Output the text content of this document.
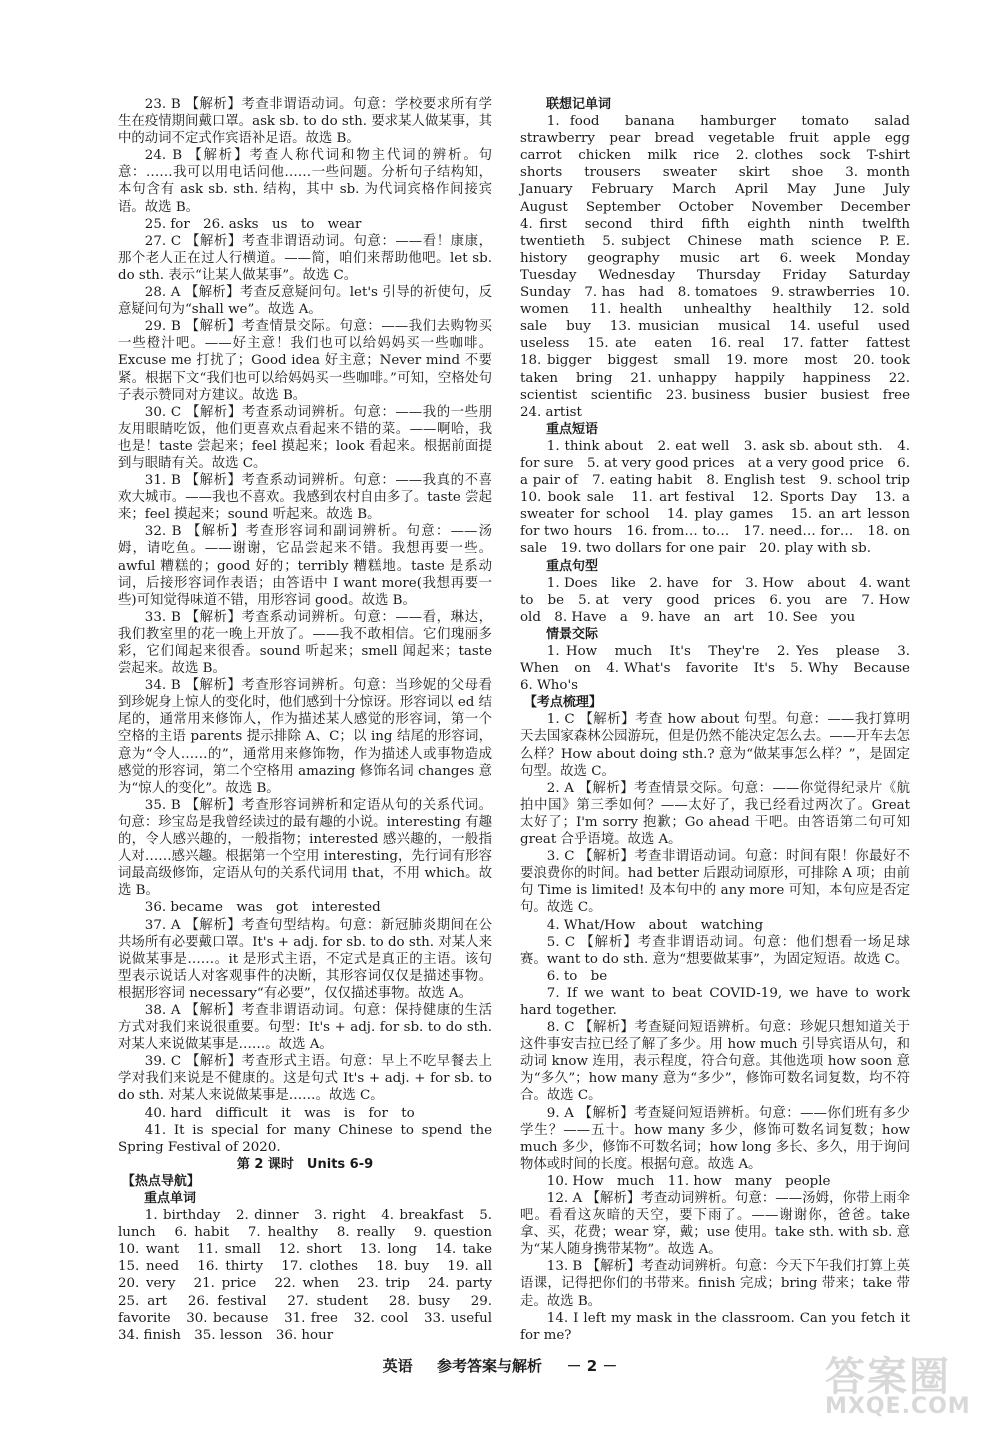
23. B 【解析】考查非谓语动词。句意：学校要求所有学生在疫情期间戴口罩。ask sb. to do sth. 要求某人做某事，其中的动词不定式作宾语补足语。故选 B。
24. B 【解析】考查人称代词和物主代词的辨析。句意：……我可以用电话问他……一些问题。分析句子结构知，本句含有 ask sb. sth. 结构，其中 sb. 为代词宾格作间接宾语。故选 B。
25. for　26. asks　us　to　wear
27. C 【解析】考查非谓语动词。句意：——看！康康，那个老人正在过人行横道。——简，咱们来帮助他吧。let sb. do sth. 表示“让某人做某事”。故选 C。
28. A 【解析】考查反意疑问句。let's 引导的祈使句，反意疑问句为“shall we”。故选 A。
29. B 【解析】考查情景交际。句意：——我们去购物买一些橙汁吧。——好主意！我们也可以给妈妈买一些咖啡。Excuse me 打扰了；Good idea 好主意；Never mind 不要紧。根据下文“我们也可以给妈妈买一些咖啡。”可知，空格处句子表示赞同对方建议。故选 B。
30. C 【解析】考查系动词辨析。句意：——我的一些朋友用眼睛吃饭，他们更喜欢点看起来不错的菜。——啊哈，我也是！taste 尝起来；feel 摸起来；look 看起来。根据前面提到与眼睛有关。故选 C。
31. B 【解析】考查系动词辨析。句意：——我真的不喜欢大城市。——我也不喜欢。我感到农村自由多了。taste 尝起来；feel 摸起来；sound 听起来。故选 B。
32. B 【解析】考查形容词和副词辨析。句意：——汤姆，请吃鱼。——谢谢，它品尝起来不错。我想再要一些。awful 糟糕的；good 好的；terribly 糟糕地。taste 是系动词，后接形容词作表语；由答语中 I want more(我想再要一些)可知觉得味道不错，用形容词 good。故选 B。
33. B 【解析】考查系动词辨析。句意：——看，琳达，我们教室里的花一晚上开放了。——我不敢相信。它们瑰丽多彩，它们闻起来很香。sound 听起来；smell 闻起来；taste 尝起来。故选 B。
34. B 【解析】考查形容词辨析。句意：当珍妮的父母看到珍妮身上惊人的变化时，他们感到十分惊讶。形容词以 ed 结尾的，通常用来修饰人，作为描述某人感觉的形容词，第一个空格的主语 parents 提示排除 A、C；以 ing 结尾的形容词，意为“令人……的”，通常用来修饰物，作为描述人或事物造成感觉的形容词，第二个空格用 amazing 修饰名词 changes 意为“惊人的变化”。故选 B。
35. B 【解析】考查形容词辨析和定语从句的关系代词。句意：珍宝岛是我曾经读过的最有趣的小说。interesting 有趣的，令人感兴趣的，一般指物；interested 感兴趣的，一般指人对……感兴趣。根据第一个空用 interesting，先行词有形容词最高级修饰，定语从句的关系代词用 that，不用 which。故选 B。
36. became　was　got　interested
37. A 【解析】考查句型结构。句意：新冠肺炎期间在公共场所有必要戴口罩。It's + adj. for sb. to do sth. 对某人来说做某事是……。it 是形式主语，不定式是真正的主语。该句型表示说话人对客观事件的决断，其形容词仅仅是描述事物。根据形容词 necessary“有必要”，仅仅描述事物。故选 A。
38. A 【解析】考查非谓语动词。句意：保持健康的生活方式对我们来说很重要。句型：It's + adj. for sb. to do sth. 对某人来说做某事是……。故选 A。
39. C 【解析】考查形式主语。句意：早上不吃早餐去上学对我们来说是不健康的。这是句式 It's + adj. + for sb. to do sth. 对某人来说做某事是……。故选 C。
40. hard　difficult　it　was　is　for　to
41. It is special for many Chinese to spend the Spring Festival of 2020.
第 2 课时　Units 6-9
【热点导航】
重点单词
1. birthday　2. dinner　3. right　4. breakfast　5. lunch　6. habit　7. healthy　8. really　9. question　10. want　11. small　12. short　13. long　14. take　15. need　16. thirty　17. clothes　18. buy　19. all　20. very　21. price　22. when　23. trip　24. party　25. art　26. festival　27. student　28. busy　29. favorite　30. because　31. free　32. cool　33. useful　34. finish　35. lesson　36. hour
联想记单词
1. food　banana　hamburger　tomato　salad　strawberry　pear　bread　vegetable　fruit　apple　egg　carrot　chicken　milk　rice　2. clothes　sock　T-shirt　shorts　trousers　sweater　skirt　shoe　3. month　January　February　March　April　May　June　July　August　September　October　November　December　4. first　second　third　fifth　eighth　ninth　twelfth　twentieth　5. subject　Chinese　math　science　P. E.　history　geography　music　art　6. week　Monday　Tuesday　Wednesday　Thursday　Friday　Saturday　Sunday　7. has　had　8. tomatoes　9. strawberries　10. women　11. health　unhealthy　healthily　12. sold　sale　buy　13. musician　musical　14. useful　used　useless　15. ate　eaten　16. real　17. fatter　fattest　18. bigger　biggest　small　19. more　most　20. took　taken　bring　21. unhappy　happily　happiness　22. scientist　scientific　23. business　busier　busiest　free　24. artist
重点短语
1. think about　2. eat well　3. ask sb. about sth.　4. for sure　5. at very good prices　at a very good price　6. a pair of　7. eating habit　8. English test　9. school trip　10. book sale　11. art festival　12. Sports Day　13. a sweater for school　14. play games　15. an art lesson for two hours　16. from… to…　17. need… for…　18. on sale　19. two dollars for one pair　20. play with sb.
重点句型
1. Does　like　2. have　for　3. How　about　4. want to　be　5. at　very　good　prices　6. you　are　7. How old　8. Have　a　9. have　an　art　10. See　you
情景交际
1. How　much　It's　They're　2. Yes　please　3. When　on　4. What's　favorite　It's　5. Why　Because　6. Who's
【考点梳理】
1. C 【解析】考查 how about 句型。句意：——我打算明天去国家森林公园游玩，但是仍然不能决定怎么去。——开车去怎么样？How about doing sth.? 意为“做某事怎么样？”，是固定句型。故选 C。
2. A 【解析】考查情景交际。句意：——你觉得纪录片《航拍中国》第三季如何？——太好了，我已经看过两次了。Great 太好了；I'm sorry 抱歉；Go ahead 干吧。由答语第二句可知 great 合乎语境。故选 A。
3. C 【解析】考查非谓语动词。句意：时间有限！你最好不要浪费你的时间。had better 后跟动词原形，可排除 A 项；由前句 Time is limited! 及本句中的 any more 可知，本句应是否定句。故选 C。
4. What/How　about　watching
5. C 【解析】考查非谓语动词。句意：他们想看一场足球赛。want to do sth. 意为“想要做某事”，为固定短语。故选 C。
6. to　be
7. If we want to beat COVID-19, we have to work hard together.
8. C 【解析】考查疑问短语辨析。句意：珍妮只想知道关于这件事安吉拉已经了解了多少。用 how much 引导宾语从句，和动词 know 连用，表示程度，符合句意。其他选项 how soon 意为“多久”；how many 意为“多少”，修饰可数名词复数，均不符合。故选 C。
9. A 【解析】考查疑问短语辨析。句意：——你们班有多少学生？——五十。how many 多少，修饰可数名词复数；how much 多少，修饰不可数名词；how long 多长、多久，用于询问物体或时间的长度。根据句意。故选 A。
10. How　much　11. how　many　people
12. A 【解析】考查动词辨析。句意：——汤姆，你带上雨伞吧。看看这灰暗的天空，要下雨了。——谢谢你，爸爸。take 拿、买，花费；wear 穿，戴；use 使用。take sth. with sb. 意为“某人随身携带某物”。故选 A。
13. B 【解析】考查动词辨析。句意：今天下午我们打算上英语课，记得把你们的书带来。finish 完成；bring 带来；take 带走。故选 B。
14. I left my mask in the classroom. Can you fetch it for me?
英语 参考答案与解析 － 2 －	答案圈
MXQE.COM
